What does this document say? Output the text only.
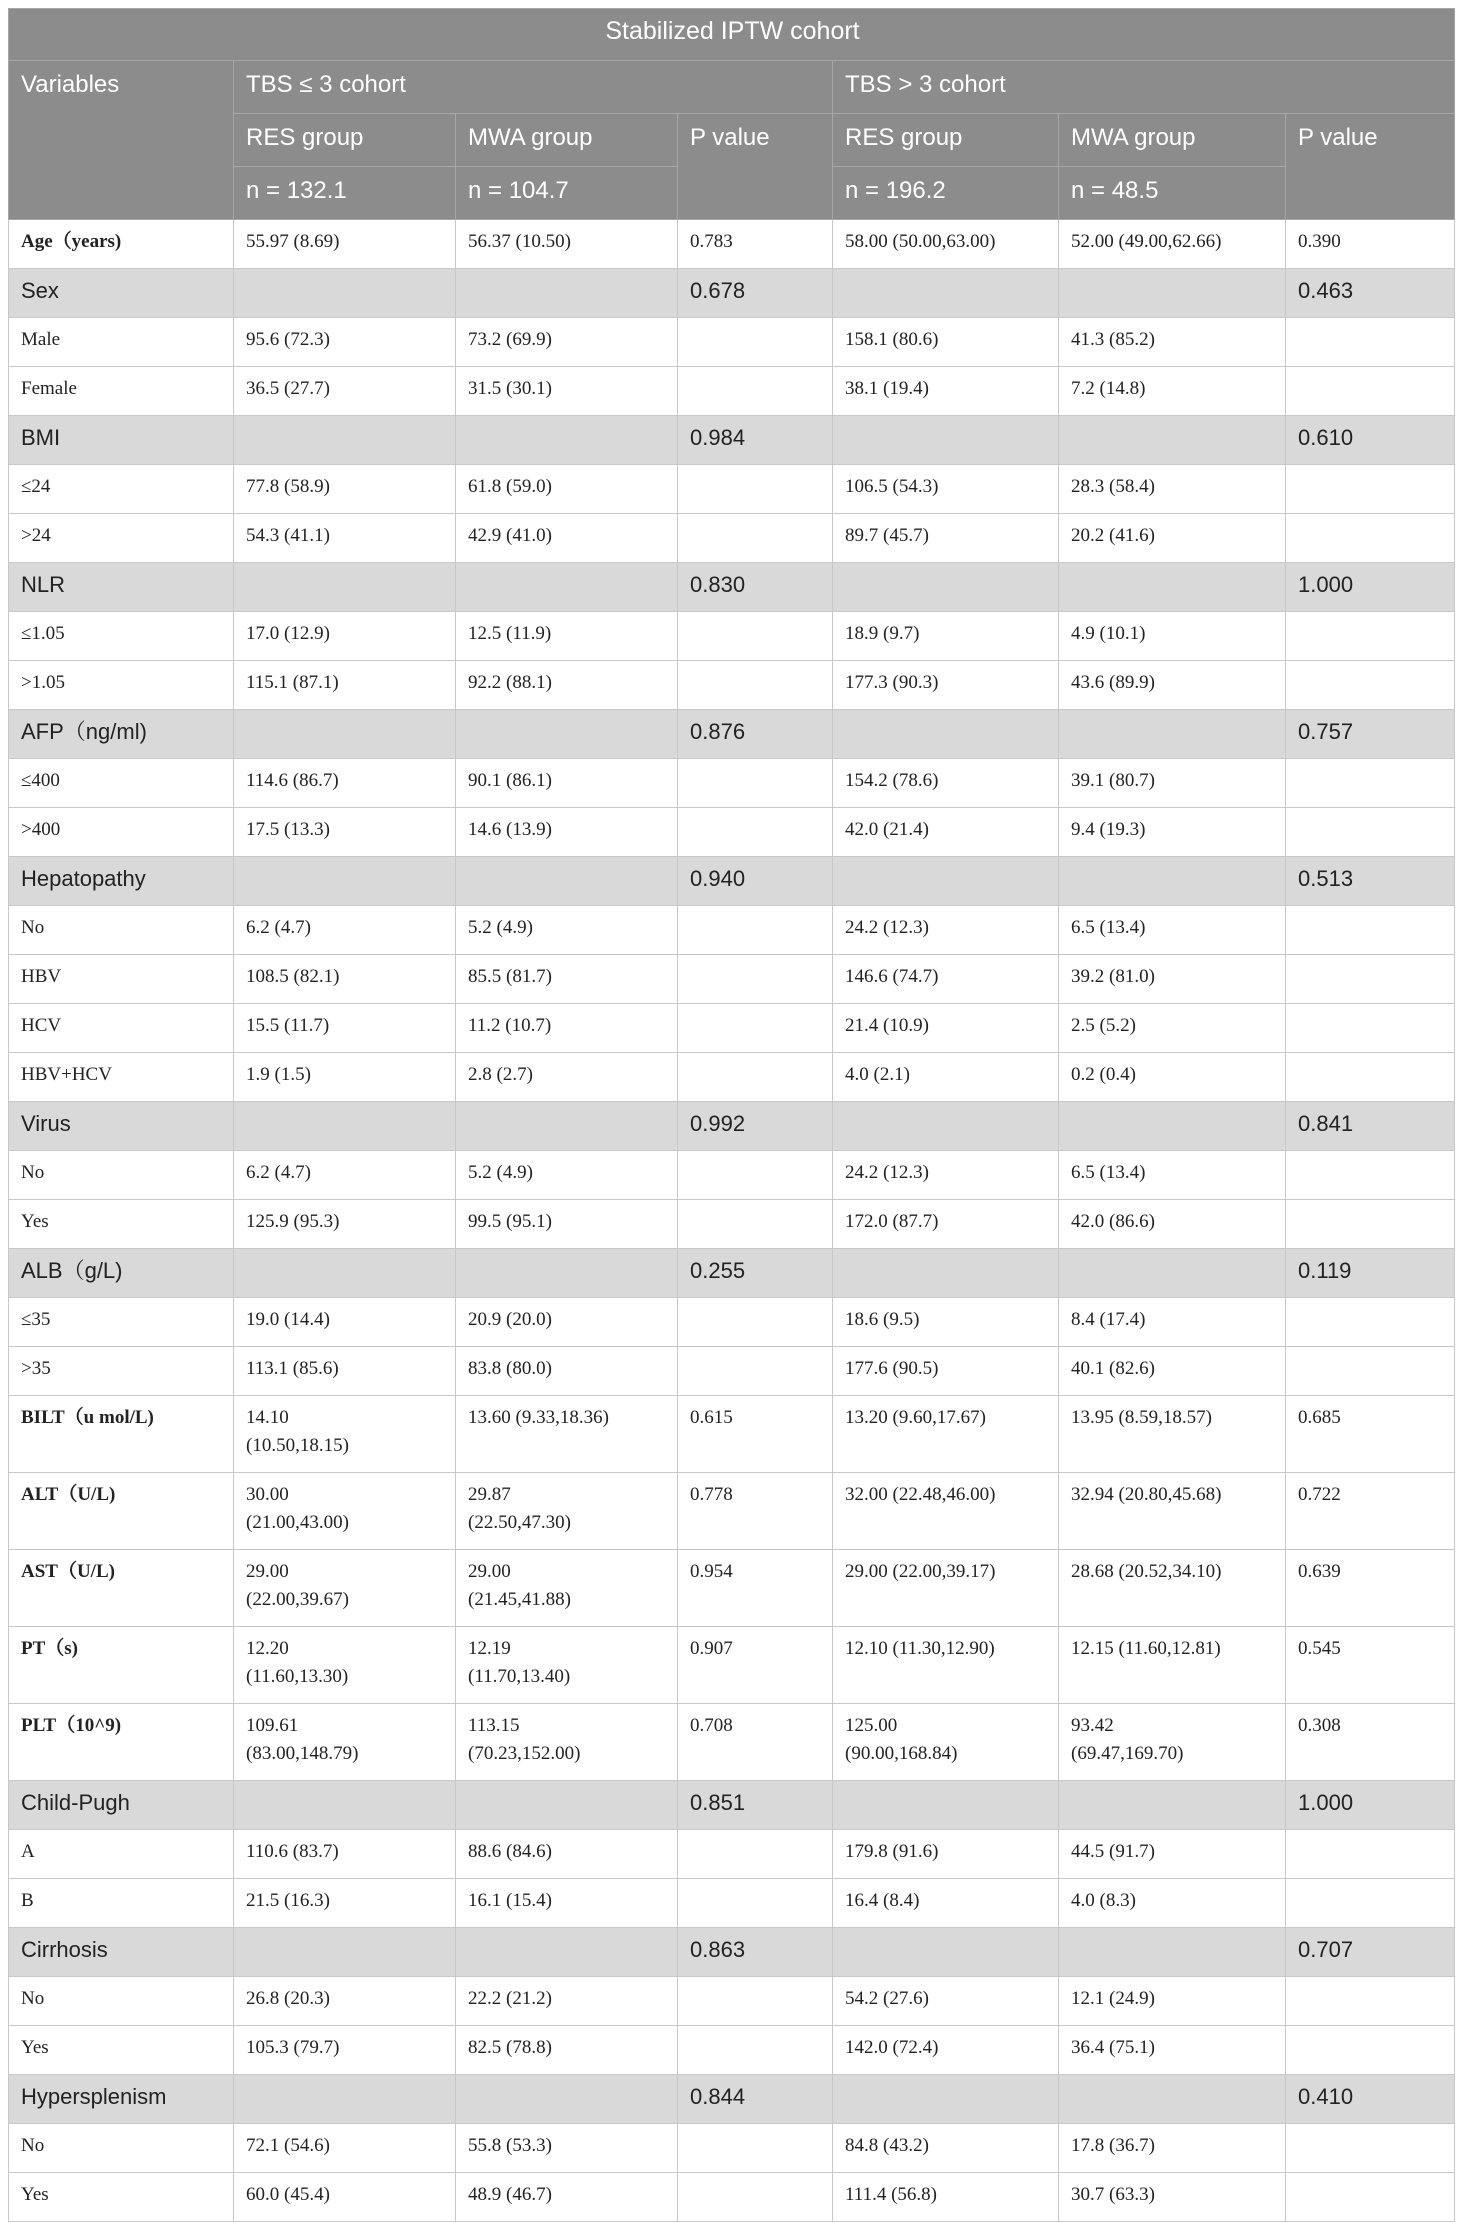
Stabilized IPTW cohort						
Variables	TBS ≤ 3 cohort			TBS > 3 cohort		
	RES group	MWA group	P value	RES group	MWA group	P value
	n = 132.1	n = 104.7		n = 196.2	n = 48.5	
Age（years)	55.97 (8.69)	56.37 (10.50)	0.783	58.00 (50.00,63.00)	52.00 (49.00,62.66)	0.390
Sex			0.678			0.463
Male	95.6 (72.3)	73.2 (69.9)		158.1 (80.6)	41.3 (85.2)	
Female	36.5 (27.7)	31.5 (30.1)		38.1 (19.4)	7.2 (14.8)	
BMI			0.984			0.610
≤24	77.8 (58.9)	61.8 (59.0)		106.5 (54.3)	28.3 (58.4)	
>24	54.3 (41.1)	42.9 (41.0)		89.7 (45.7)	20.2 (41.6)	
NLR			0.830			1.000
≤1.05	17.0 (12.9)	12.5 (11.9)		18.9 (9.7)	4.9 (10.1)	
>1.05	115.1 (87.1)	92.2 (88.1)		177.3 (90.3)	43.6 (89.9)	
AFP（ng/ml)			0.876			0.757
≤400	114.6 (86.7)	90.1 (86.1)		154.2 (78.6)	39.1 (80.7)	
>400	17.5 (13.3)	14.6 (13.9)		42.0 (21.4)	9.4 (19.3)	
Hepatopathy			0.940			0.513
No	6.2 (4.7)	5.2 (4.9)		24.2 (12.3)	6.5 (13.4)	
HBV	108.5 (82.1)	85.5 (81.7)		146.6 (74.7)	39.2 (81.0)	
HCV	15.5 (11.7)	11.2 (10.7)		21.4 (10.9)	2.5 (5.2)	
HBV+HCV	1.9 (1.5)	2.8 (2.7)		4.0 (2.1)	0.2 (0.4)	
Virus			0.992			0.841
No	6.2 (4.7)	5.2 (4.9)		24.2 (12.3)	6.5 (13.4)	
Yes	125.9 (95.3)	99.5 (95.1)		172.0 (87.7)	42.0 (86.6)	
ALB（g/L)			0.255			0.119
≤35	19.0 (14.4)	20.9 (20.0)		18.6 (9.5)	8.4 (17.4)	
>35	113.1 (85.6)	83.8 (80.0)		177.6 (90.5)	40.1 (82.6)	
BILT（u mol/L)	14.10
(10.50,18.15)	13.60 (9.33,18.36)	0.615	13.20 (9.60,17.67)	13.95 (8.59,18.57)	0.685
ALT（U/L)	30.00
(21.00,43.00)	29.87
(22.50,47.30)	0.778	32.00 (22.48,46.00)	32.94 (20.80,45.68)	0.722
AST（U/L)	29.00
(22.00,39.67)	29.00
(21.45,41.88)	0.954	29.00 (22.00,39.17)	28.68 (20.52,34.10)	0.639
PT（s)	12.20
(11.60,13.30)	12.19
(11.70,13.40)	0.907	12.10 (11.30,12.90)	12.15 (11.60,12.81)	0.545
PLT（10^9)	109.61
(83.00,148.79)	113.15
(70.23,152.00)	0.708	125.00
(90.00,168.84)	93.42
(69.47,169.70)	0.308
Child-Pugh			0.851			1.000
A	110.6 (83.7)	88.6 (84.6)		179.8 (91.6)	44.5 (91.7)	
B	21.5 (16.3)	16.1 (15.4)		16.4 (8.4)	4.0 (8.3)	
Cirrhosis			0.863			0.707
No	26.8 (20.3)	22.2 (21.2)		54.2 (27.6)	12.1 (24.9)	
Yes	105.3 (79.7)	82.5 (78.8)		142.0 (72.4)	36.4 (75.1)	
Hypersplenism			0.844			0.410
No	72.1 (54.6)	55.8 (53.3)		84.8 (43.2)	17.8 (36.7)	
Yes	60.0 (45.4)	48.9 (46.7)		111.4 (56.8)	30.7 (63.3)	
